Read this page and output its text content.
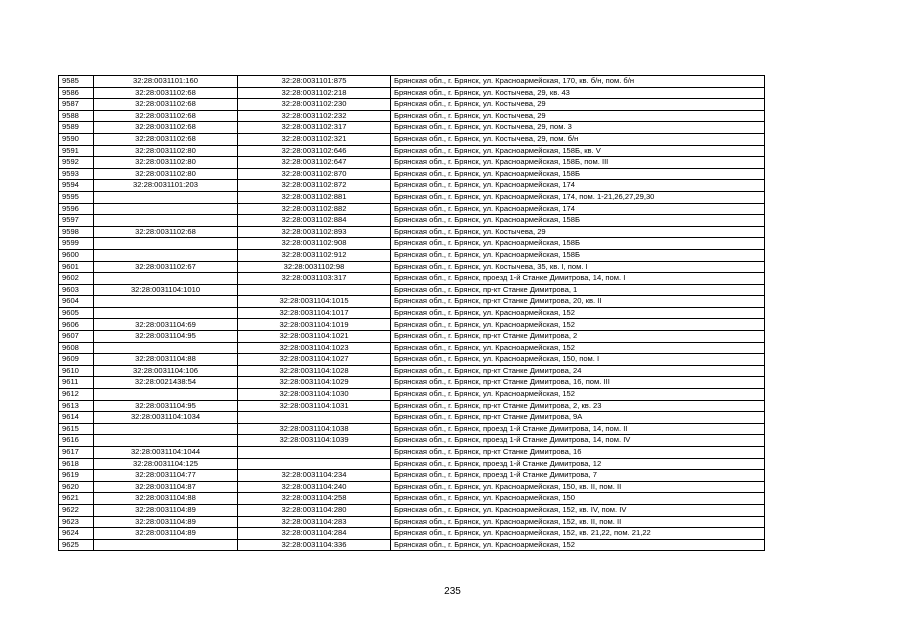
9585	32:28:0031101:160	32:28:0031101:875	Брянская обл., г. Брянск, ул. Красноармейская, 170, кв. б/н, пом. б/н
9586	32:28:0031102:68	32:28:0031102:218	Брянская обл., г. Брянск, ул. Костычева, 29, кв. 43
9587	32:28:0031102:68	32:28:0031102:230	Брянская обл., г. Брянск, ул. Костычева, 29
9588	32:28:0031102:68	32:28:0031102:232	Брянская обл., г. Брянск, ул. Костычева, 29
9589	32:28:0031102:68	32:28:0031102:317	Брянская обл., г. Брянск, ул. Костычева, 29, пом. 3
9590	32:28:0031102:68	32:28:0031102:321	Брянская обл., г. Брянск, ул. Костычева, 29, пом. б/н
9591	32:28:0031102:80	32:28:0031102:646	Брянская обл., г. Брянск, ул. Красноармейская, 158Б, кв. V
9592	32:28:0031102:80	32:28:0031102:647	Брянская обл., г. Брянск, ул. Красноармейская, 158Б, пом. III
9593	32:28:0031102:80	32:28:0031102:870	Брянская обл., г. Брянск, ул. Красноармейская, 158Б
9594	32:28:0031101:203	32:28:0031102:872	Брянская обл., г. Брянск, ул. Красноармейская, 174
9595		32:28:0031102:881	Брянская обл., г. Брянск, ул. Красноармейская, 174, пом. 1-21,26,27,29,30
9596		32:28:0031102:882	Брянская обл., г. Брянск, ул. Красноармейская, 174
9597		32:28:0031102:884	Брянская обл., г. Брянск, ул. Красноармейская, 158Б
9598	32:28:0031102:68	32:28:0031102:893	Брянская обл., г. Брянск, ул. Костычева, 29
9599		32:28:0031102:908	Брянская обл., г. Брянск, ул. Красноармейская, 158Б
9600		32:28:0031102:912	Брянская обл., г. Брянск, ул. Красноармейская, 158Б
9601	32:28:0031102:67	32:28:0031102:98	Брянская обл., г. Брянск, ул. Костычева, 35, кв. I, пом. I
9602		32:28:0031103:317	Брянская обл., г. Брянск, проезд 1-й Станке Димитрова, 14, пом. I
9603	32:28:0031104:1010		Брянская обл., г. Брянск, пр-кт Станке Димитрова, 1
9604		32:28:0031104:1015	Брянская обл., г. Брянск, пр-кт Станке Димитрова, 20, кв. II
9605		32:28:0031104:1017	Брянская обл., г. Брянск, ул. Красноармейская, 152
9606	32:28:0031104:69	32:28:0031104:1019	Брянская обл., г. Брянск, ул. Красноармейская, 152
9607	32:28:0031104:95	32:28:0031104:1021	Брянская обл., г. Брянск, пр-кт Станке Димитрова, 2
9608		32:28:0031104:1023	Брянская обл., г. Брянск, ул. Красноармейская, 152
9609	32:28:0031104:88	32:28:0031104:1027	Брянская обл., г. Брянск, ул. Красноармейская, 150, пом. I
9610	32:28:0031104:106	32:28:0031104:1028	Брянская обл., г. Брянск, пр-кт Станке Димитрова, 24
9611	32:28:0021438:54	32:28:0031104:1029	Брянская обл., г. Брянск, пр-кт Станке Димитрова, 16, пом. III
9612		32:28:0031104:1030	Брянская обл., г. Брянск, ул. Красноармейская, 152
9613	32:28:0031104:95	32:28:0031104:1031	Брянская обл., г. Брянск, пр-кт Станке Димитрова, 2, кв. 23
9614	32:28:0031104:1034		Брянская обл., г. Брянск, пр-кт Станке Димитрова, 9А
9615		32:28:0031104:1038	Брянская обл., г. Брянск, проезд 1-й Станке Димитрова, 14, пом. II
9616		32:28:0031104:1039	Брянская обл., г. Брянск, проезд 1-й Станке Димитрова, 14, пом. IV
9617	32:28:0031104:1044		Брянская обл., г. Брянск, пр-кт Станке Димитрова, 16
9618	32:28:0031104:125		Брянская обл., г. Брянск, проезд 1-й Станке Димитрова, 12
9619	32:28:0031104:77	32:28:0031104:234	Брянская обл., г. Брянск, проезд 1-й Станке Димитрова, 7
9620	32:28:0031104:87	32:28:0031104:240	Брянская обл., г. Брянск, ул. Красноармейская, 150, кв. II, пом. II
9621	32:28:0031104:88	32:28:0031104:258	Брянская обл., г. Брянск, ул. Красноармейская, 150
9622	32:28:0031104:89	32:28:0031104:280	Брянская обл., г. Брянск, ул. Красноармейская, 152, кв. IV, пом. IV
9623	32:28:0031104:89	32:28:0031104:283	Брянская обл., г. Брянск, ул. Красноармейская, 152, кв. II, пом. II
9624	32:28:0031104:89	32:28:0031104:284	Брянская обл., г. Брянск, ул. Красноармейская, 152, кв. 21,22, пом. 21,22
9625		32:28:0031104:336	Брянская обл., г. Брянск, ул. Красноармейская, 152
235
